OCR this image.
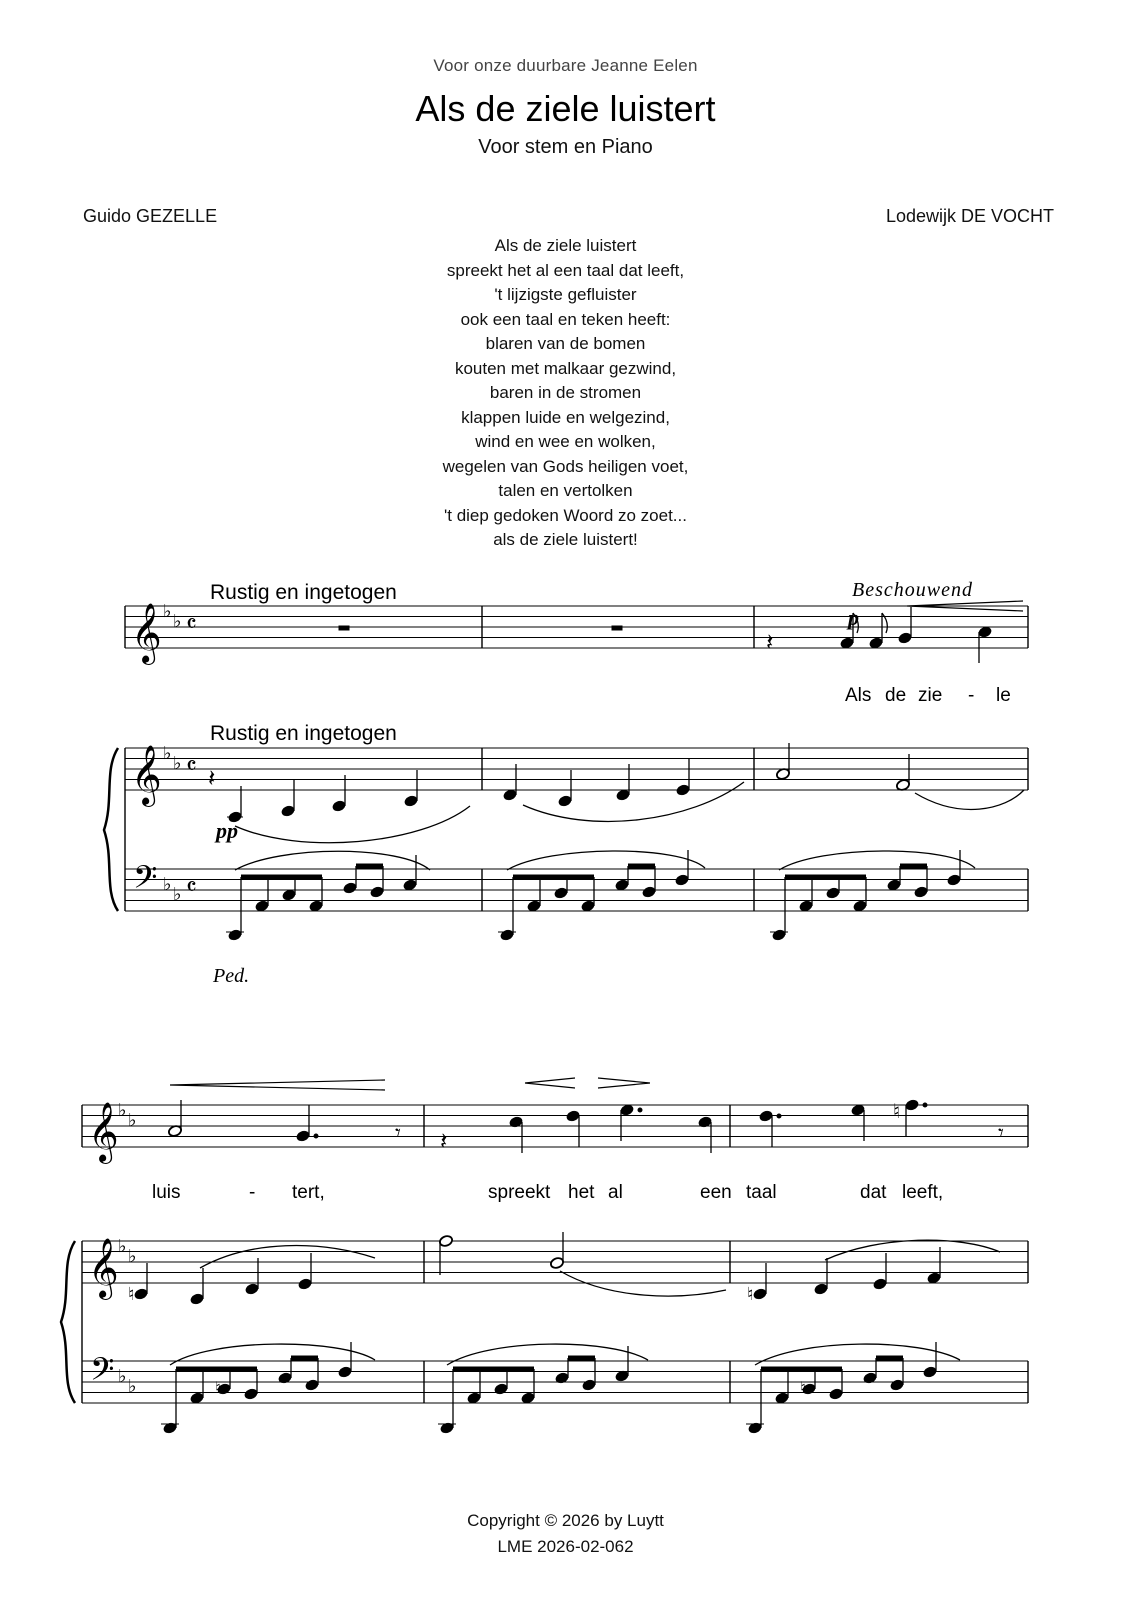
Voor onze duurbare Jeanne Eelen
Als de ziele luistert
Voor stem en Piano
Guido GEZELLE	Lodewijk DE VOCHT
Als de ziele luistert
spreekt het al een taal dat leeft,
't lijzigste gefluister
ook een taal en teken heeft:
blaren van de bomen
kouten met malkaar gezwind,
baren in de stromen
klappen luide en welgezind,
wind en wee en wolken,
wegelen van Gods heiligen voet,
talen en vertolken
't diep gedoken Woord zo zoet...
als de ziele luistert!
𝄞
𝄞
𝄢
♭ ♭
♭ ♭
♭ ♭
𝄴
𝄴
𝄴
𝄽
𝄽
𝄞
𝄞
𝄢
♭ ♭
♭ ♭
♭ ♭
𝄾 𝄽
♮
𝄾
♮	♮
♮	♮
Rustig en ingetogen
Rustig en ingetogen
Beschouwend
p
pp
Ped.
Als de zie - le
luis	- tert,	spreekt het al	een taal	dat leeft,
Copyright © 2026 by Luytt
LME 2026-02-062
